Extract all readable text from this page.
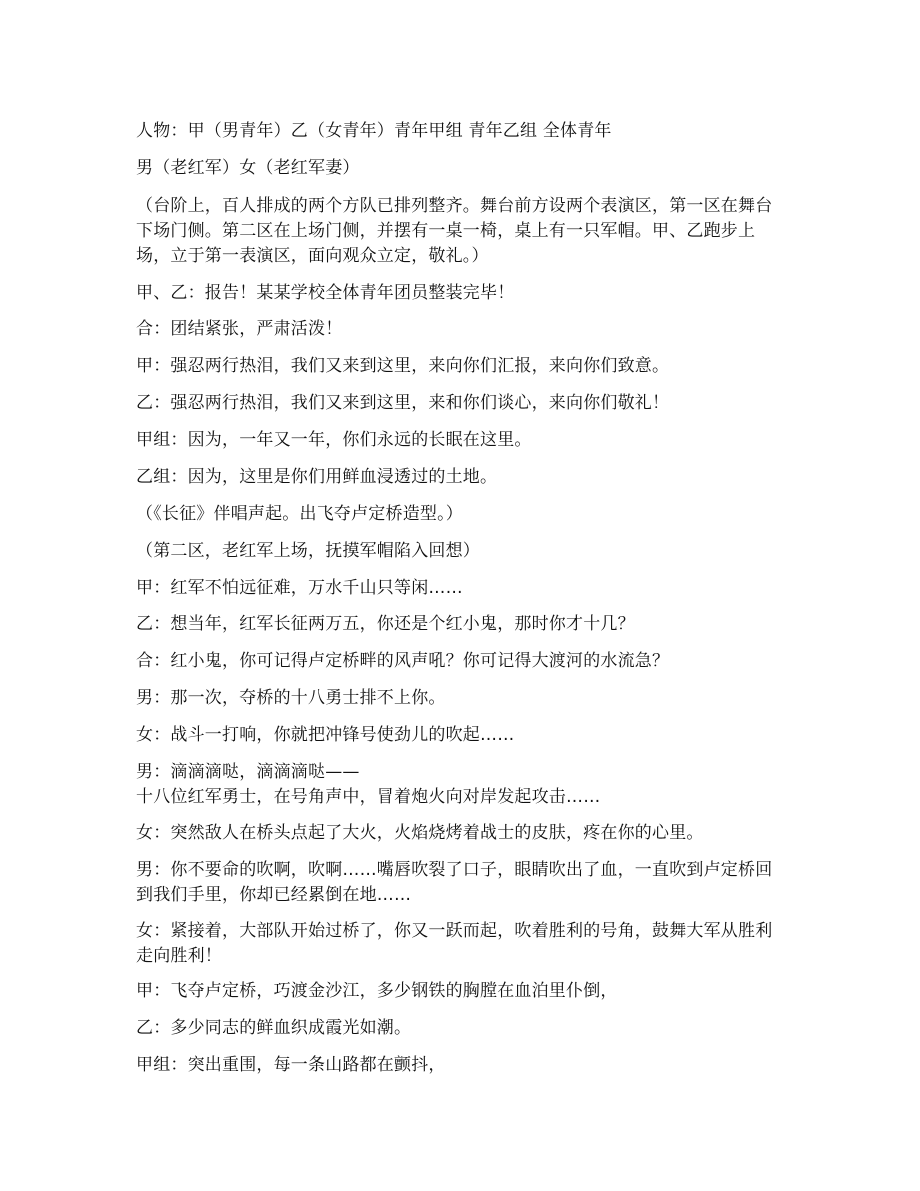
人物：甲（男青年）乙（女青年）青年甲组 青年乙组 全体青年

男（老红军）女（老红军妻）

（台阶上，百人排成的两个方队已排列整齐。舞台前方设两个表演区，第一区在舞台下场门侧。第二区在上场门侧，并摆有一桌一椅，桌上有一只军帽。甲、乙跑步上场，立于第一表演区，面向观众立定，敬礼。）

甲、乙：报告！某某学校全体青年团员整装完毕！

合：团结紧张，严肃活泼！

甲：强忍两行热泪，我们又来到这里，来向你们汇报，来向你们致意。

乙：强忍两行热泪，我们又来到这里，来和你们谈心，来向你们敬礼！

甲组：因为，一年又一年，你们永远的长眠在这里。

乙组：因为，这里是你们用鲜血浸透过的土地。

（《长征》伴唱声起。出飞夺卢定桥造型。）

（第二区，老红军上场，抚摸军帽陷入回想）

甲：红军不怕远征难，万水千山只等闲……

乙：想当年，红军长征两万五，你还是个红小鬼，那时你才十几？

合：红小鬼，你可记得卢定桥畔的风声吼？你可记得大渡河的水流急？

男：那一次，夺桥的十八勇士排不上你。

女：战斗一打响，你就把冲锋号使劲儿的吹起……

男：滴滴滴哒，滴滴滴哒——
十八位红军勇士，在号角声中，冒着炮火向对岸发起攻击……

女：突然敌人在桥头点起了大火，火焰烧烤着战士的皮肤，疼在你的心里。

男：你不要命的吹啊，吹啊……嘴唇吹裂了口子，眼睛吹出了血，一直吹到卢定桥回到我们手里，你却已经累倒在地……

女：紧接着，大部队开始过桥了，你又一跃而起，吹着胜利的号角，鼓舞大军从胜利走向胜利！

甲：飞夺卢定桥，巧渡金沙江，多少钢铁的胸膛在血泊里仆倒，

乙：多少同志的鲜血织成霞光如潮。

甲组：突出重围，每一条山路都在颤抖，
